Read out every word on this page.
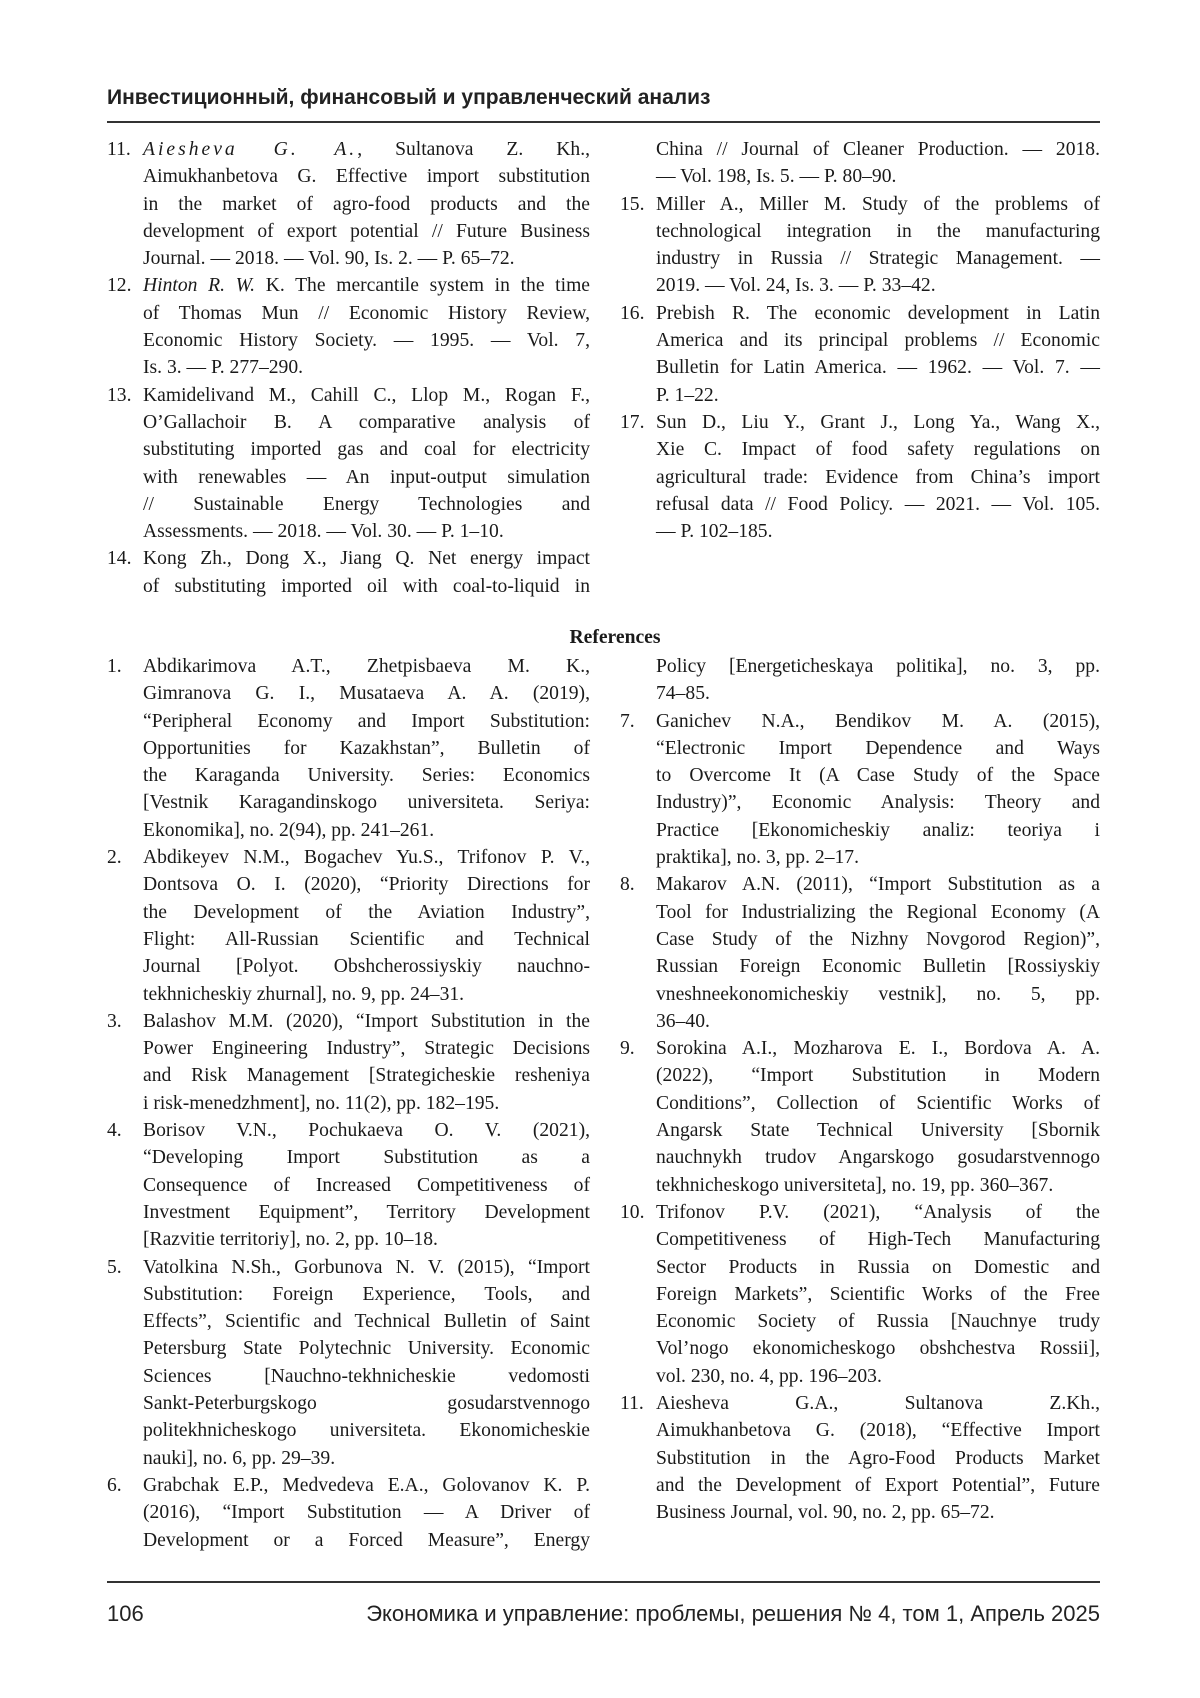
Инвестиционный, финансовый и управленческий анализ
11. Aiesheva G. A., Sultanova Z. Kh.,
Aimukhanbetova G. Effective import substitution
in the market of agro-food products and the
development of export potential // Future Business
Journal. — 2018. — Vol. 90, Is. 2. — P. 65–72.
12. Hinton R. W. K. The mercantile system in the time
of Thomas Mun // Economic History Review,
Economic History Society. — 1995. — Vol. 7,
Is. 3. — P. 277–290.
13. Kamidelivand M., Cahill C., Llop M., Rogan F.,
O’Gallachoir B. A comparative analysis of
substituting imported gas and coal for electricity
with renewables — An input-output simulation
// Sustainable Energy Technologies and
Assessments. — 2018. — Vol. 30. — P. 1–10.
14. Kong Zh., Dong X., Jiang Q. Net energy impact
of substituting imported oil with coal-to-liquid in
China // Journal of Cleaner Production. — 2018.
— Vol. 198, Is. 5. — P. 80–90.
15. Miller A., Miller M. Study of the problems of
technological integration in the manufacturing
industry in Russia // Strategic Management. —
2019. — Vol. 24, Is. 3. — P. 33–42.
16. Prebish R. The economic development in Latin
America and its principal problems // Economic
Bulletin for Latin America. — 1962. — Vol. 7. —
P. 1–22.
17. Sun D., Liu Y., Grant J., Long Ya., Wang X.,
Xie C. Impact of food safety regulations on
agricultural trade: Evidence from China’s import
refusal data // Food Policy. — 2021. — Vol. 105.
— P. 102–185.
References
1. Abdikarimova A.T., Zhetpisbaeva M. K.,
Gimranova G. I., Musataeva A. A. (2019),
“Peripheral Economy and Import Substitution:
Opportunities for Kazakhstan”, Bulletin of
the Karaganda University. Series: Economics
[Vestnik Karagandinskogo universiteta. Seriya:
Ekonomika], no. 2(94), pp. 241–261.
2. Abdikeyev N.M., Bogachev Yu.S., Trifonov P. V.,
Dontsova O. I. (2020), “Priority Directions for
the Development of the Aviation Industry”,
Flight: All-Russian Scientific and Technical
Journal [Polyot. Obshcherossiyskiy nauchno-
tekhnicheskiy zhurnal], no. 9, pp. 24–31.
3. Balashov M.M. (2020), “Import Substitution in the
Power Engineering Industry”, Strategic Decisions
and Risk Management [Strategicheskie resheniya
i risk-menedzhment], no. 11(2), pp. 182–195.
4. Borisov V.N., Pochukaeva O. V. (2021),
“Developing Import Substitution as a
Consequence of Increased Competitiveness of
Investment Equipment”, Territory Development
[Razvitie territoriy], no. 2, pp. 10–18.
5. Vatolkina N.Sh., Gorbunova N. V. (2015), “Import
Substitution: Foreign Experience, Tools, and
Effects”, Scientific and Technical Bulletin of Saint
Petersburg State Polytechnic University. Economic
Sciences [Nauchno-tekhnicheskie vedomosti
Sankt-Peterburgskogo gosudarstvennogo
politekhnicheskogo universiteta. Ekonomicheskie
nauki], no. 6, pp. 29–39.
6. Grabchak E.P., Medvedeva E.A., Golovanov K. P.
(2016), “Import Substitution — A Driver of
Development or a Forced Measure”, Energy
Policy [Energeticheskaya politika], no. 3, pp.
74–85.
7. Ganichev N.A., Bendikov M. A. (2015),
“Electronic Import Dependence and Ways
to Overcome It (A Case Study of the Space
Industry)”, Economic Analysis: Theory and
Practice [Ekonomicheskiy analiz: teoriya i
praktika], no. 3, pp. 2–17.
8. Makarov A.N. (2011), “Import Substitution as a
Tool for Industrializing the Regional Economy (A
Case Study of the Nizhny Novgorod Region)”,
Russian Foreign Economic Bulletin [Rossiyskiy
vneshneekonomicheskiy vestnik], no. 5, pp.
36–40.
9. Sorokina A.I., Mozharova E. I., Bordova A. A.
(2022), “Import Substitution in Modern
Conditions”, Collection of Scientific Works of
Angarsk State Technical University [Sbornik
nauchnykh trudov Angarskogo gosudarstvennogo
tekhnicheskogo universiteta], no. 19, pp. 360–367.
10. Trifonov P.V. (2021), “Analysis of the
Competitiveness of High-Tech Manufacturing
Sector Products in Russia on Domestic and
Foreign Markets”, Scientific Works of the Free
Economic Society of Russia [Nauchnye trudy
Vol’nogo ekonomicheskogo obshchestva Rossii],
vol. 230, no. 4, pp. 196–203.
11. Aiesheva G.A., Sultanova Z.Kh.,
Aimukhanbetova G. (2018), “Effective Import
Substitution in the Agro-Food Products Market
and the Development of Export Potential”, Future
Business Journal, vol. 90, no. 2, pp. 65–72.
106	Экономика и управление: проблемы, решения № 4, том 1, Апрель 2025
